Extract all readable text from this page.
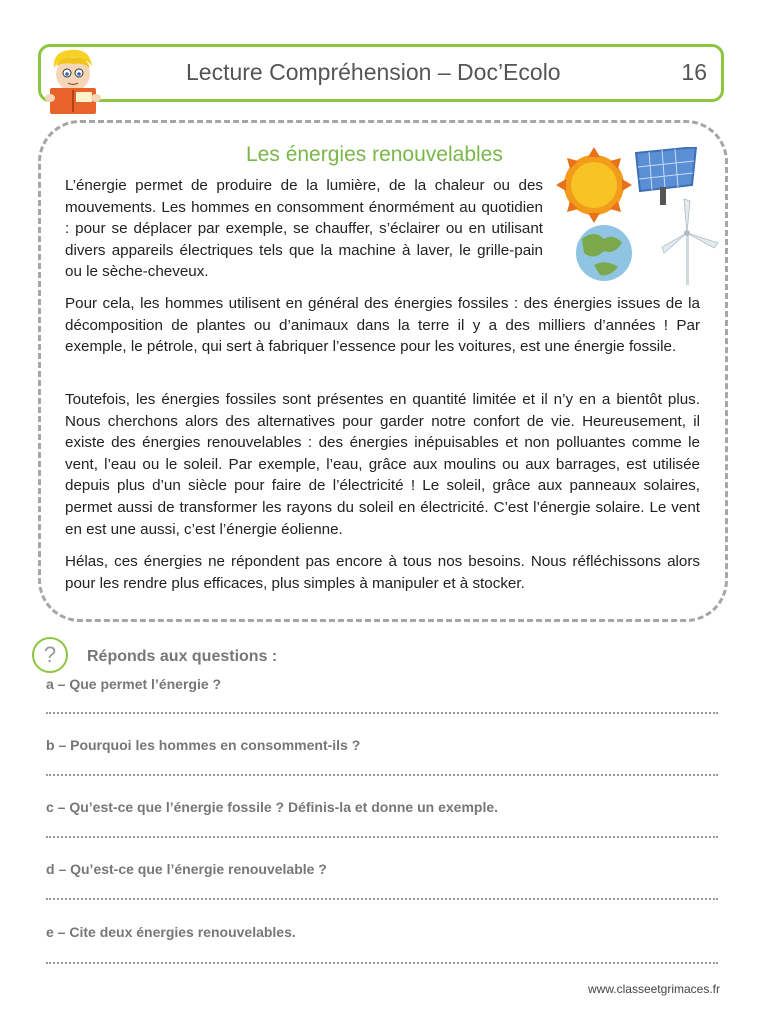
Lecture Compréhension – Doc’Ecolo	16
Les énergies renouvelables

L’énergie permet de produire de la lumière, de la chaleur ou des mouvements. Les hommes en consomment énormément au quotidien : pour se déplacer par exemple, se chauffer, s’éclairer ou en utilisant divers appareils électriques tels que la machine à laver, le grille-pain ou le sèche-cheveux.

Pour cela, les hommes utilisent en général des énergies fossiles : des énergies issues de la décomposition de plantes ou d’animaux dans la terre il y a des milliers d’années ! Par exemple, le pétrole, qui sert à fabriquer l’essence pour les voitures, est une énergie fossile.

Toutefois, les énergies fossiles sont présentes en quantité limitée et il n’y en a bientôt plus. Nous cherchons alors des alternatives pour garder notre confort de vie. Heureusement, il existe des énergies renouvelables : des énergies inépuisables et non polluantes comme le vent, l’eau ou le soleil. Par exemple, l’eau, grâce aux moulins ou aux barrages, est utilisée depuis plus d’un siècle pour faire de l’électricité ! Le soleil, grâce aux panneaux solaires, permet aussi de transformer les rayons du soleil en électricité. C’est l’énergie solaire. Le vent en est une aussi, c’est l’énergie éolienne.

Hélas, ces énergies ne répondent pas encore à tous nos besoins. Nous réfléchissons alors pour les rendre plus efficaces, plus simples à manipuler et à stocker.

?	Réponds aux questions :
a – Que permet l’énergie ?
b – Pourquoi les hommes en consomment-ils ?
c – Qu’est-ce que l’énergie fossile ? Définis-la et donne un exemple.
d – Qu’est-ce que l’énergie renouvelable ?
e – Cite deux énergies renouvelables.
www.classeetgrimaces.fr
